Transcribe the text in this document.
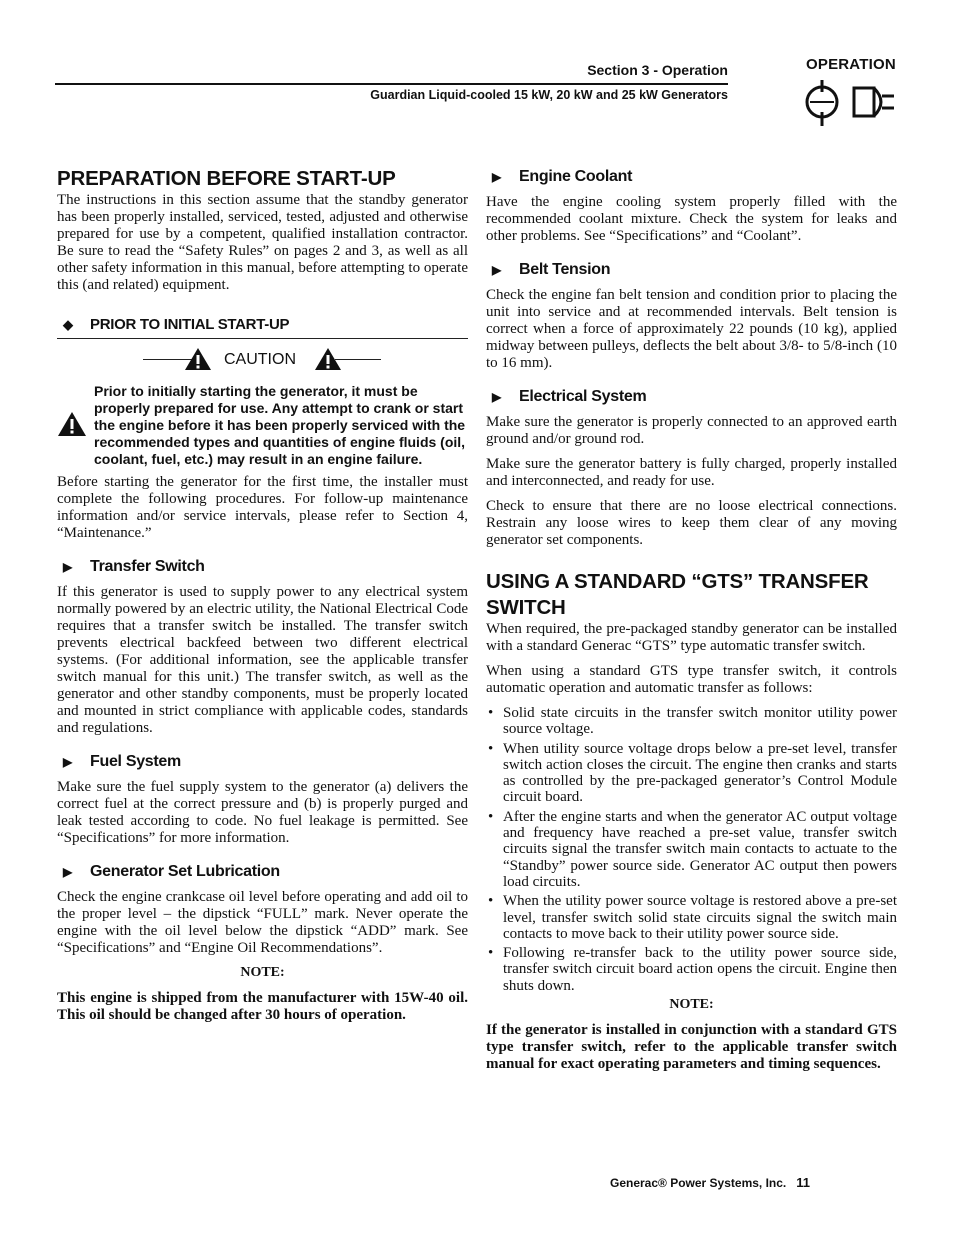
Section 3 - Operation
Guardian Liquid-cooled 15 kW, 20 kW and 25 kW Generators
OPERATION
PREPARATION BEFORE START-UP

The instructions in this section assume that the standby generator has been properly installed, serviced, tested, adjusted and otherwise prepared for use by a competent, qualified installation contractor. Be sure to read the “Safety Rules” on pages 2 and 3, as well as all other safety information in this manual, before attempting to operate this (and related) equipment.

◆	PRIOR TO INITIAL START-UP
CAUTION

Prior to initially starting the generator, it must be properly prepared for use. Any attempt to crank or start the engine before it has been properly serviced with the recommended types and quantities of engine fluids (oil, coolant, fuel, etc.) may result in an engine failure.

Before starting the generator for the first time, the installer must complete the following procedures. For follow-up maintenance information and/or service intervals, please refer to Section 4, “Maintenance.”

▶	Transfer Switch

If this generator is used to supply power to any electrical system normally powered by an electric utility, the National Electrical Code requires that a transfer switch be installed. The transfer switch prevents electrical backfeed between two different electrical systems. (For additional information, see the applicable transfer switch manual for this unit.) The transfer switch, as well as the generator and other standby components, must be properly located and mounted in strict compliance with applicable codes, standards and regulations.

▶	Fuel System

Make sure the fuel supply system to the generator (a) delivers the correct fuel at the correct pressure and (b) is properly purged and leak tested according to code. No fuel leakage is permitted. See “Specifications” for more information.

▶	Generator Set Lubrication

Check the engine crankcase oil level before operating and add oil to the proper level – the dipstick “FULL” mark. Never operate the engine with the oil level below the dipstick “ADD” mark. See “Specifications” and “Engine Oil Recommendations”.

NOTE:

This engine is shipped from the manufacturer with 15W-40 oil. This oil should be changed after 30 hours of operation.

▶	Engine Coolant

Have the engine cooling system properly filled with the recommended coolant mixture. Check the system for leaks and other problems. See “Specifications” and “Coolant”.

▶	Belt Tension

Check the engine fan belt tension and condition prior to placing the unit into service and at recommended intervals. Belt tension is correct when a force of approximately 22 pounds (10 kg), applied midway between pulleys, deflects the belt about 3/8- to 5/8-inch (10 to 16 mm).

▶	Electrical System

Make sure the generator is properly connected to an approved earth ground and/or ground rod.

Make sure the generator battery is fully charged, properly installed and interconnected, and ready for use.

Check to ensure that there are no loose electrical connections. Restrain any loose wires to keep them clear of any moving generator set components.

USING A STANDARD “GTS” TRANSFER SWITCH

When required, the pre-packaged standby generator can be installed with a standard Generac “GTS” type automatic transfer switch.

When using a standard GTS type transfer switch, it controls automatic operation and automatic transfer as follows:

• Solid state circuits in the transfer switch monitor utility power source voltage.
• When utility source voltage drops below a pre-set level, transfer switch action closes the circuit. The engine then cranks and starts as controlled by the pre-packaged generator’s Control Module circuit board.
• After the engine starts and when the generator AC output voltage and frequency have reached a pre-set value, transfer switch circuits signal the transfer switch main contacts to actuate to the “Standby” power source side. Generator AC output then powers load circuits.
• When the utility power source voltage is restored above a pre-set level, transfer switch solid state circuits signal the switch main contacts to move back to their utility power source side.
• Following re-transfer back to the utility power source side, transfer switch circuit board action opens the circuit. Engine then shuts down.
NOTE:

If the generator is installed in conjunction with a standard GTS type transfer switch, refer to the applicable transfer switch manual for exact operating parameters and timing sequences.

Generac® Power Systems, Inc. 11
